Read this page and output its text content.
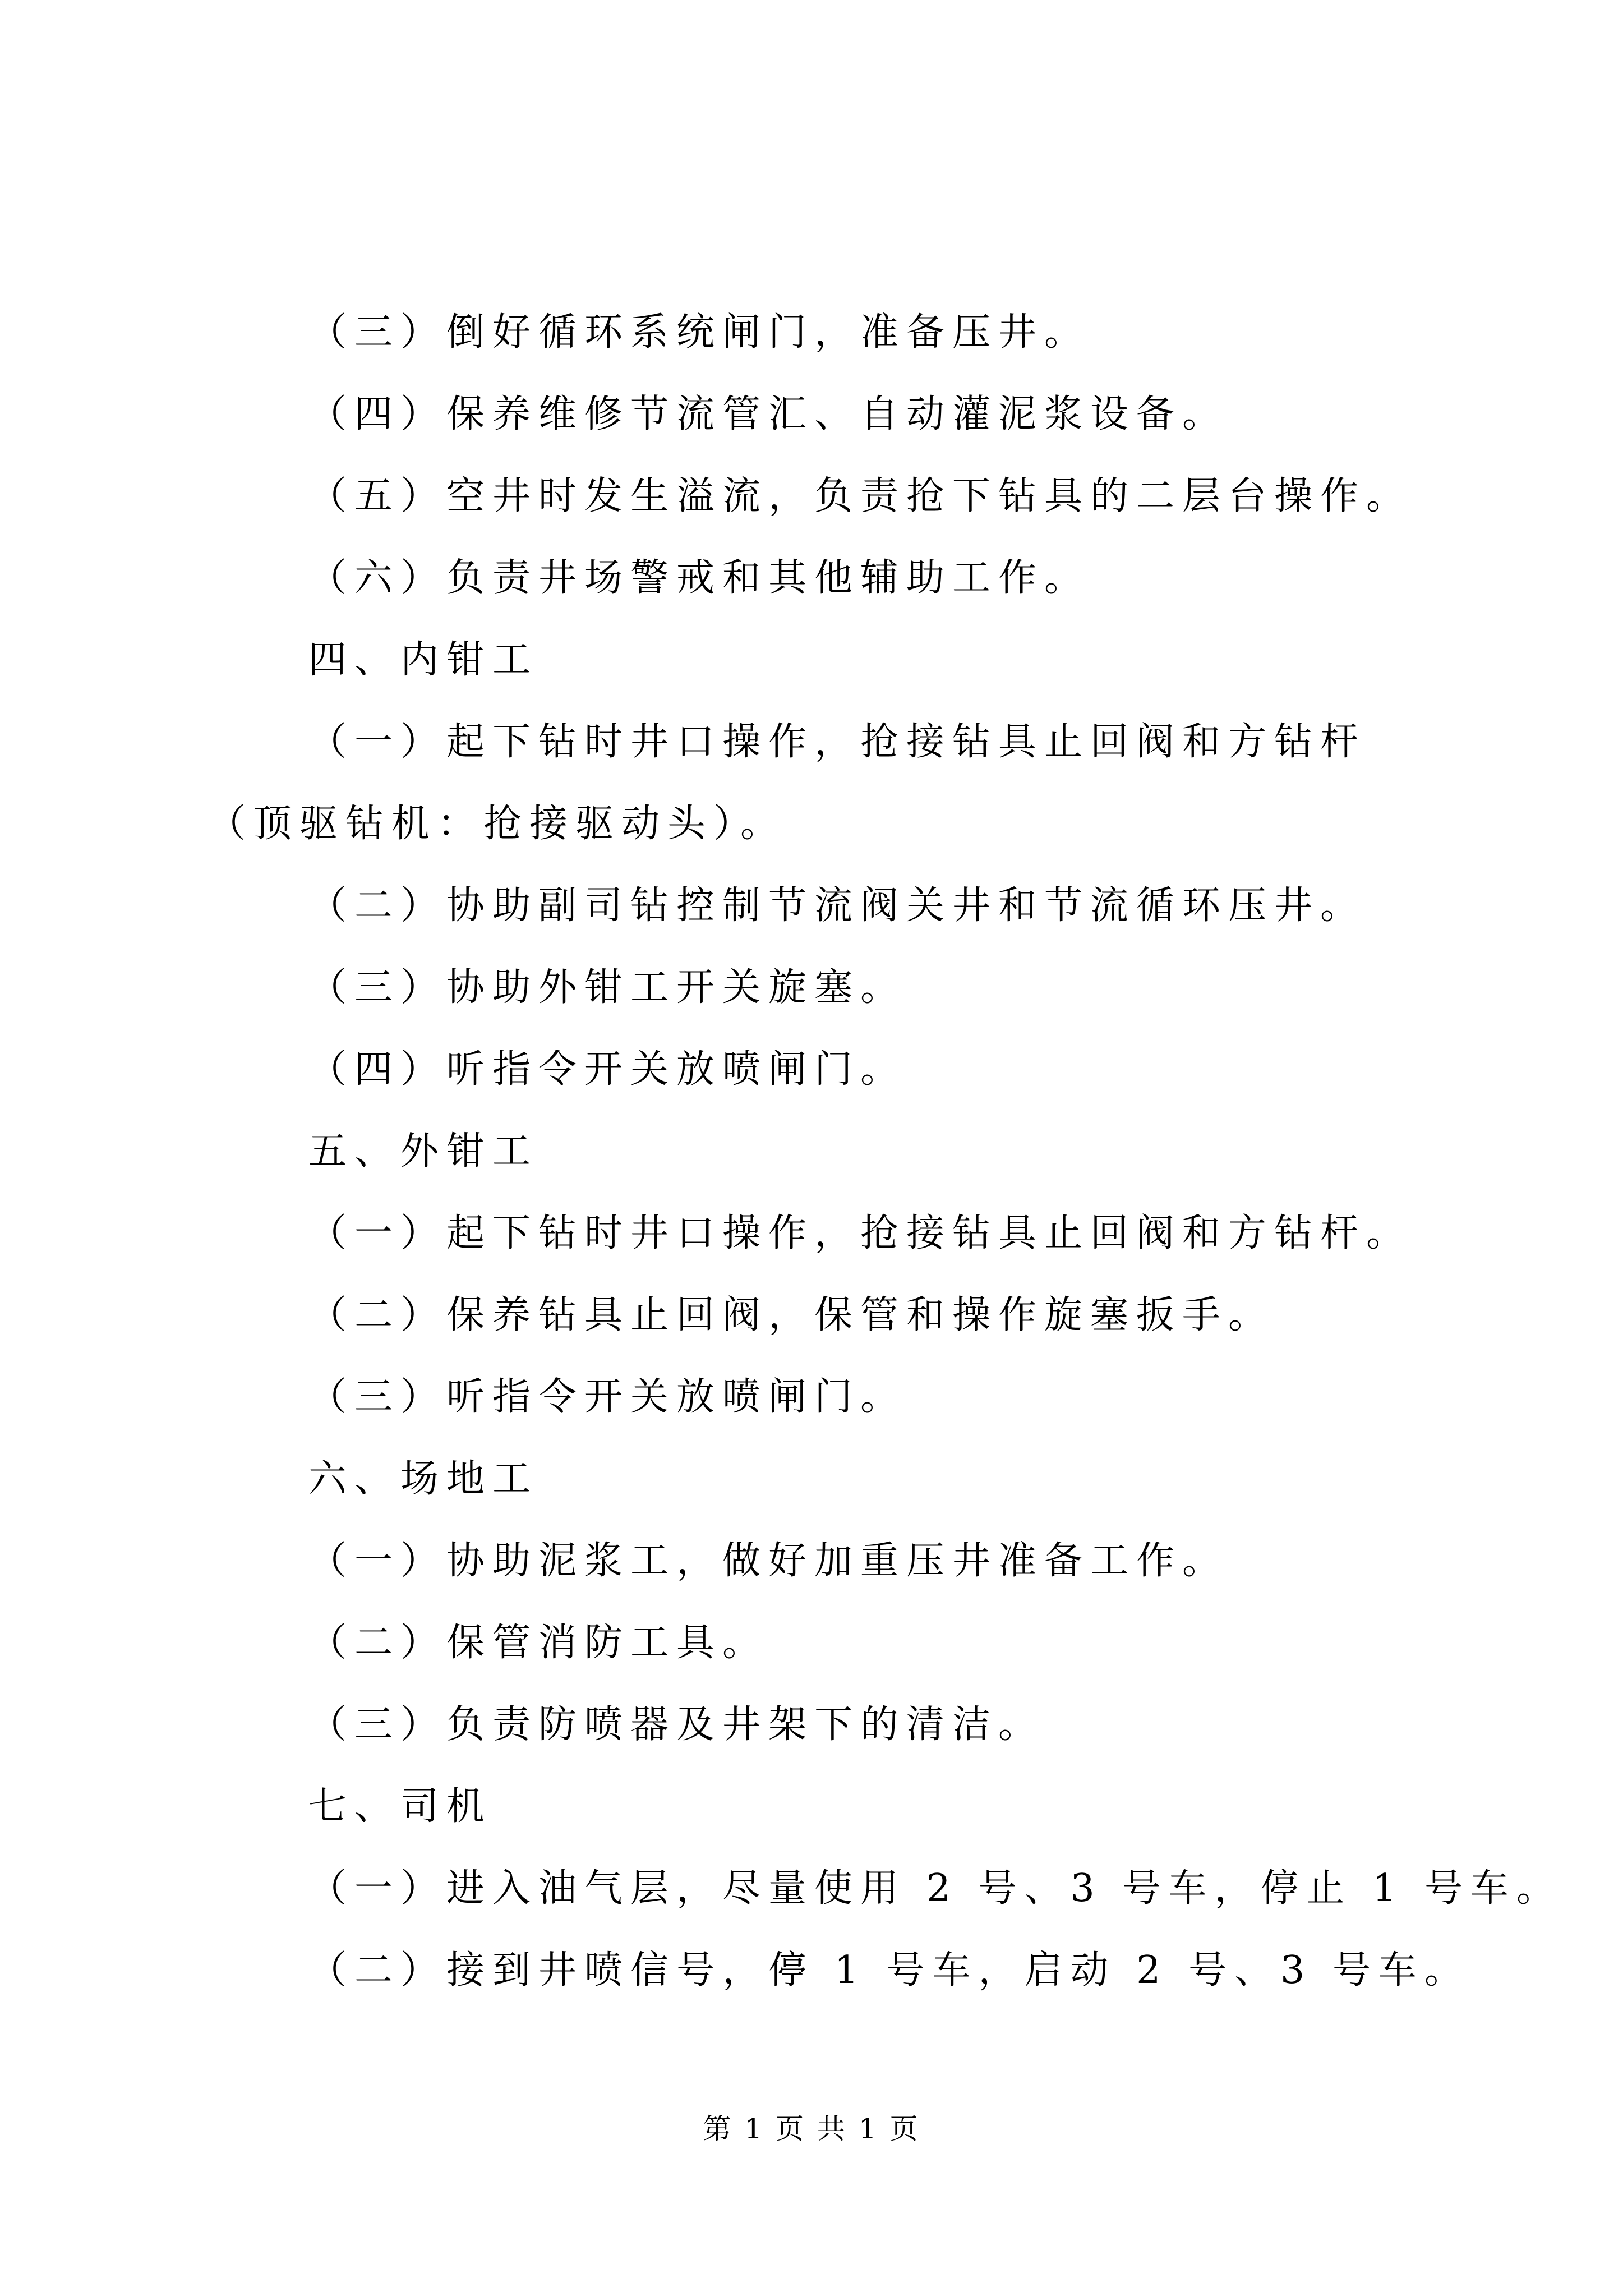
（三）倒好循环系统闸门，准备压井。
（四）保养维修节流管汇、自动灌泥浆设备。
（五）空井时发生溢流，负责抢下钻具的二层台操作。
（六）负责井场警戒和其他辅助工作。
四、内钳工
（一）起下钻时井口操作，抢接钻具止回阀和方钻杆（顶驱钻机：抢接驱动头）。
（二）协助副司钻控制节流阀关井和节流循环压井。
（三）协助外钳工开关旋塞。
（四）听指令开关放喷闸门。
五、外钳工
（一）起下钻时井口操作，抢接钻具止回阀和方钻杆。
（二）保养钻具止回阀，保管和操作旋塞扳手。
（三）听指令开关放喷闸门。
六、场地工
（一）协助泥浆工，做好加重压井准备工作。
（二）保管消防工具。
（三）负责防喷器及井架下的清洁。
七、司机
（一）进入油气层，尽量使用 2 号、3 号车，停止 1 号车。
（二）接到井喷信号，停 1 号车，启动 2 号、3 号车。
第 1 页 共 1 页
